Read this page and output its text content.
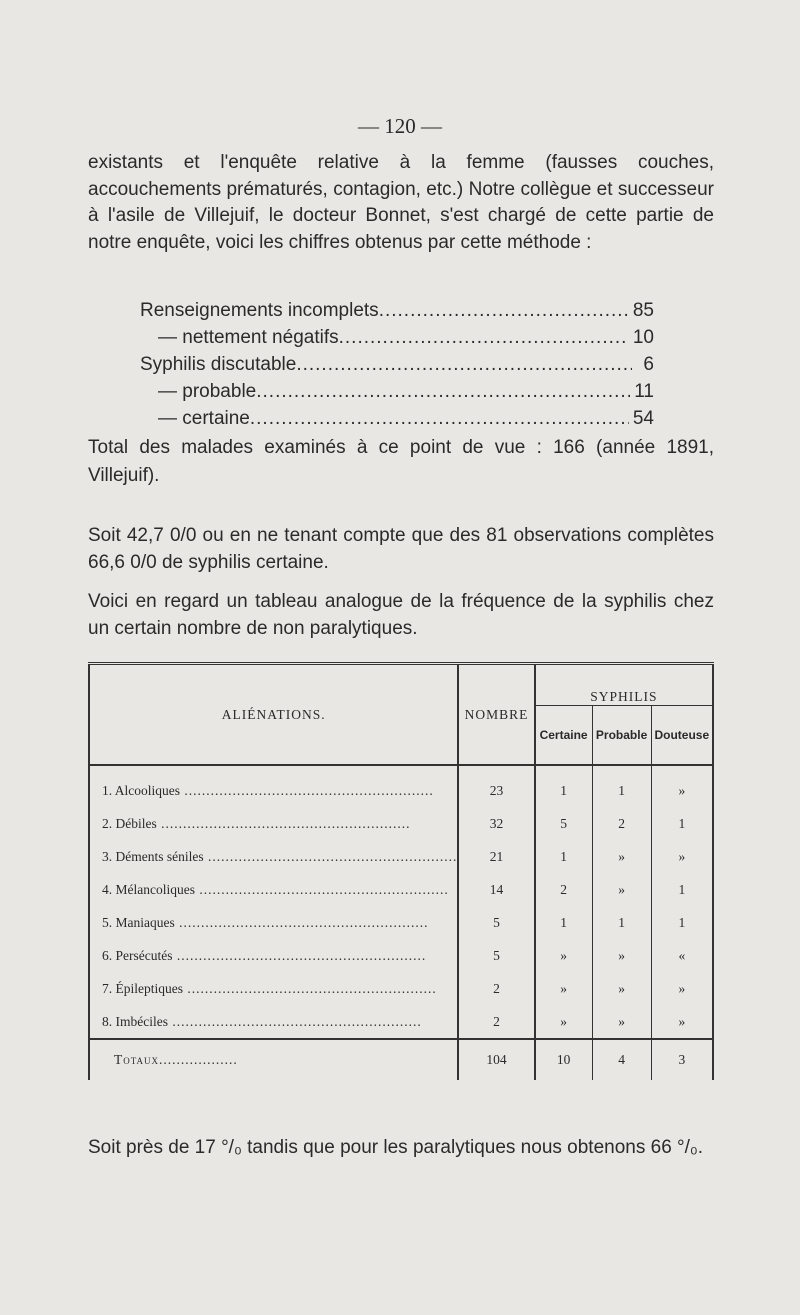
— 120 —

existants et l'enquête relative à la femme (fausses couches, accouchements prématurés, contagion, etc.) Notre collègue et successeur à l'asile de Villejuif, le docteur Bonnet, s'est chargé de cette partie de notre enquête, voici les chiffres obtenus par cette méthode :

Renseignements incomplets .....	85
— nettement négatifs .....	10
Syphilis discutable .....	6
— probable .....	11
— certaine .....	54

Total des malades examinés à ce point de vue : 166 (année 1891, Villejuif).

Soit 42,7 0/0 ou en ne tenant compte que des 81 observations complètes 66,6 0/0 de syphilis certaine.

Voici en regard un tableau analogue de la fréquence de la syphilis chez un certain nombre de non paralytiques.

ALIÉNATIONS.	NOMBRE	SYPHILIS		
		Certaine	Probable	Douteuse
1. Alcooliques .....	23	1	1	»
2. Débiles .....	32	5	2	1
3. Déments séniles .....	21	1	»	»
4. Mélancoliques .....	14	2	»	1
5. Maniaques .....	5	1	1	1
6. Persécutés .....	5	»	»	«
7. Épileptiques .....	2	»	»	»
8. Imbéciles .....	2	»	»	»
Totaux..................	104	10	4	3

Soit près de 17 °/₀ tandis que pour les paralytiques nous obtenons 66 °/₀.
